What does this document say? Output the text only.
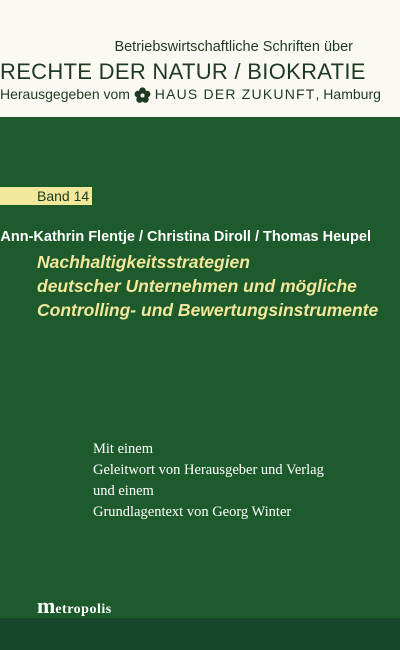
Betriebswirtschaftliche Schriften über
RECHTE DER NATUR / BIOKRATIE
Herausgegeben vom HAUS DER ZUKUNFT, Hamburg
Band 14
Ann-Kathrin Flentje / Christina Diroll / Thomas Heupel
Nachhaltigkeitsstrategien
deutscher Unternehmen und mögliche
Controlling- und Bewertungsinstrumente
Mit einem
Geleitwort von Herausgeber und Verlag
und einem
Grundlagentext von Georg Winter
metropolis
